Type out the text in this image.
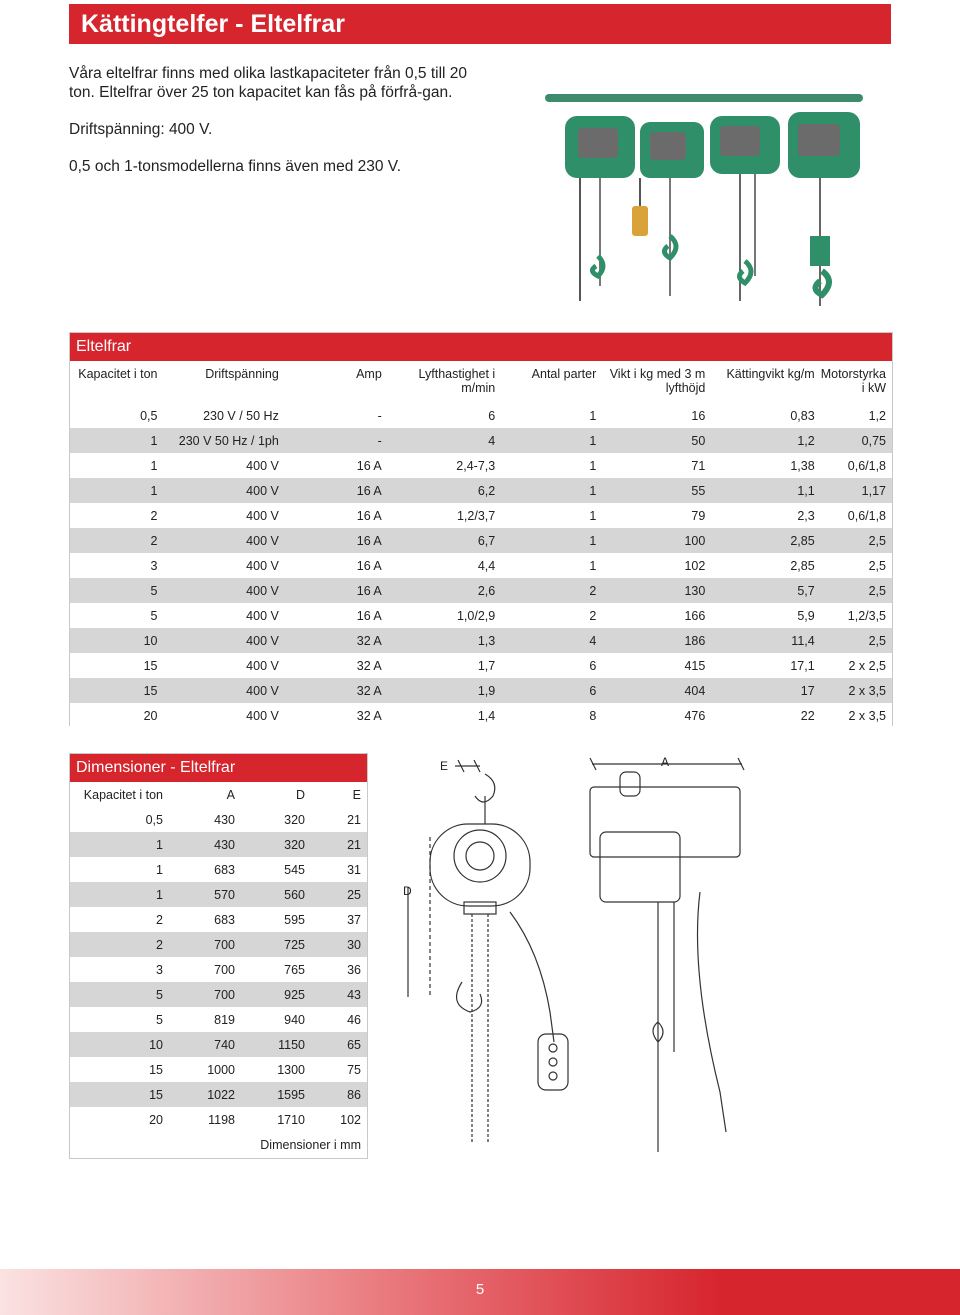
Kättingtelfer - Eltelfrar

Våra eltelfrar finns med olika lastkapaciteter från 0,5 till 20 ton. Eltelfrar över 25 ton kapacitet kan fås på förfrå-gan.

Driftspänning: 400 V.

0,5 och 1-tonsmodellerna finns även med 230 V.

Eltelfrar
Kapacitet i ton	Driftspänning	Amp	Lyfthastighet i m/min	Antal parter	Vikt i kg med 3 m lyfthöjd	Kättingvikt kg/m	Motorstyrka i kW
0,5	230 V / 50 Hz	-	6	1	16	0,83	1,2
1	230 V 50 Hz / 1ph	-	4	1	50	1,2	0,75
1	400 V	16 A	2,4-7,3	1	71	1,38	0,6/1,8
1	400 V	16 A	6,2	1	55	1,1	1,17
2	400 V	16 A	1,2/3,7	1	79	2,3	0,6/1,8
2	400 V	16 A	6,7	1	100	2,85	2,5
3	400 V	16 A	4,4	1	102	2,85	2,5
5	400 V	16 A	2,6	2	130	5,7	2,5
5	400 V	16 A	1,0/2,9	2	166	5,9	1,2/3,5
10	400 V	32 A	1,3	4	186	11,4	2,5
15	400 V	32 A	1,7	6	415	17,1	2 x 2,5
15	400 V	32 A	1,9	6	404	17	2 x 3,5
20	400 V	32 A	1,4	8	476	22	2 x 3,5
Dimensioner - Eltelfrar
Kapacitet i ton	A	D	E
0,5	430	320	21
1	430	320	21
1	683	545	31
1	570	560	25
2	683	595	37
2	700	725	30
3	700	765	36
5	700	925	43
5	819	940	46
10	740	1150	65
15	1000	1300	75
15	1022	1595	86
20	1198	1710	102
Dimensioner i mm			
E	A
D
5
